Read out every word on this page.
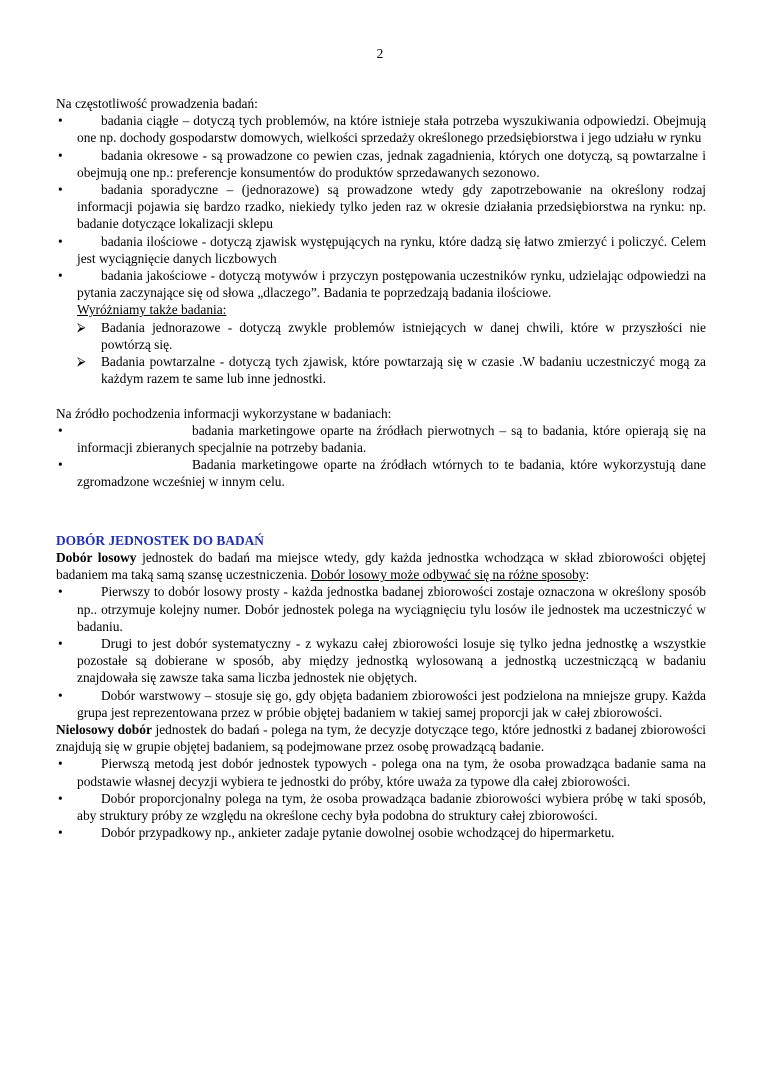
2

Na częstotliwość prowadzenia badań:

•	badania ciągłe – dotyczą tych problemów, na które istnieje stała potrzeba wyszukiwania odpowiedzi. Obejmują one np. dochody gospodarstw domowych, wielkości sprzedaży określonego przedsiębiorstwa i jego udziału w rynku
•	badania okresowe - są prowadzone co pewien czas, jednak zagadnienia, których one dotyczą, są powtarzalne i obejmują one np.: preferencje konsumentów do produktów sprzedawanych sezonowo.
•	badania sporadyczne – (jednorazowe) są prowadzone wtedy gdy zapotrzebowanie na określony rodzaj informacji pojawia się bardzo rzadko, niekiedy tylko jeden raz w okresie działania przedsiębiorstwa na rynku: np. badanie dotyczące lokalizacji sklepu
•	badania ilościowe - dotyczą zjawisk występujących na rynku, które dadzą się łatwo zmierzyć i policzyć. Celem jest wyciągnięcie danych liczbowych
•	badania jakościowe - dotyczą motywów i przyczyn postępowania uczestników rynku, udzielając odpowiedzi na pytania zaczynające się od słowa „dlaczego”. Badania te poprzedzają badania ilościowe.
Wyróżniamy także badania:
⮚ Badania jednorazowe - dotyczą zwykle problemów istniejących w danej chwili, które w przyszłości nie powtórzą się.
⮚ Badania powtarzalne - dotyczą tych zjawisk, które powtarzają się w czasie .W badaniu uczestniczyć mogą za każdym razem te same lub inne jednostki.

Na źródło pochodzenia informacji wykorzystane w badaniach:

•	badania marketingowe oparte na źródłach pierwotnych – są to badania, które opierają się na informacji zbieranych specjalnie na potrzeby badania.
•	Badania marketingowe oparte na źródłach wtórnych to te badania, które wykorzystują dane zgromadzone wcześniej w innym celu.

DOBÓR JEDNOSTEK DO BADAŃ

Dobór losowy jednostek do badań ma miejsce wtedy, gdy każda jednostka wchodząca w skład zbiorowości objętej badaniem ma taką samą szansę uczestniczenia. Dobór losowy może odbywać się na różne sposoby:

•	Pierwszy to dobór losowy prosty - każda jednostka badanej zbiorowości zostaje oznaczona w określony sposób np.. otrzymuje kolejny numer. Dobór jednostek polega na wyciągnięciu tylu losów ile jednostek ma uczestniczyć w badaniu.
•	Drugi to jest dobór systematyczny - z wykazu całej zbiorowości losuje się tylko jedna jednostkę a wszystkie pozostałe są dobierane w sposób, aby między jednostką wylosowaną a jednostką uczestniczącą w badaniu znajdowała się zawsze taka sama liczba jednostek nie objętych.
•	Dobór warstwowy – stosuje się go, gdy objęta badaniem zbiorowości jest podzielona na mniejsze grupy. Każda grupa jest reprezentowana przez w próbie objętej badaniem w takiej samej proporcji jak w całej zbiorowości.

Nielosowy dobór jednostek do badań - polega na tym, że decyzje dotyczące tego, które jednostki z badanej zbiorowości znajdują się w grupie objętej badaniem, są podejmowane przez osobę prowadzącą badanie.

•	Pierwszą metodą jest dobór jednostek typowych - polega ona na tym, że osoba prowadząca badanie sama na podstawie własnej decyzji wybiera te jednostki do próby, które uważa za typowe dla całej zbiorowości.
•	Dobór proporcjonalny polega na tym, że osoba prowadząca badanie zbiorowości wybiera próbę w taki sposób, aby struktury próby ze względu na określone cechy była podobna do struktury całej zbiorowości.
•	Dobór przypadkowy np., ankieter zadaje pytanie dowolnej osobie wchodzącej do hipermarketu.
